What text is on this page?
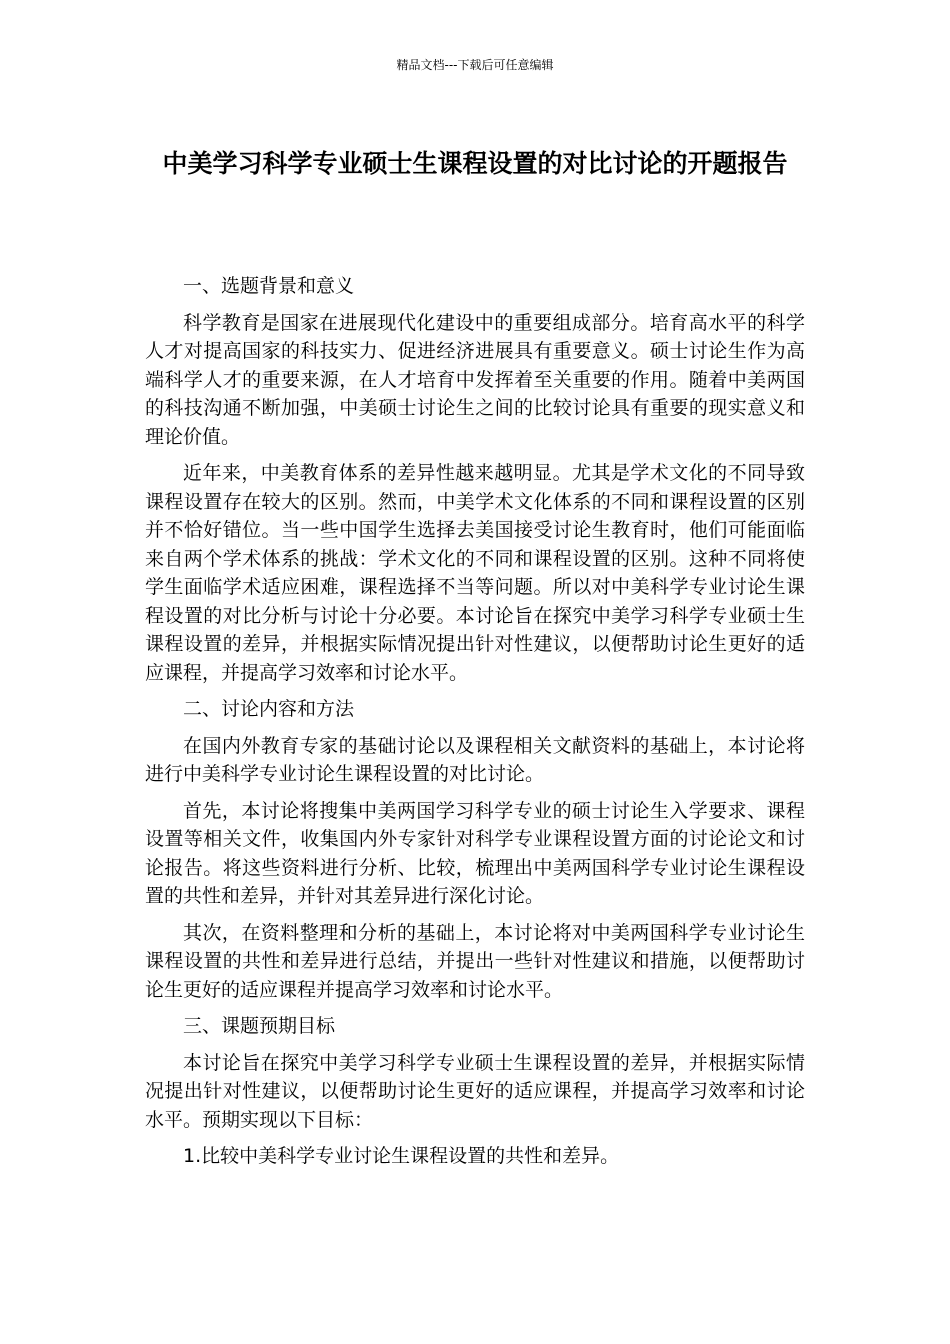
精品文档---下载后可任意编辑
中美学习科学专业硕士生课程设置的对比讨论的开题报告

一、选题背景和意义

科学教育是国家在进展现代化建设中的重要组成部分。培育高水平的科学人才对提高国家的科技实力、促进经济进展具有重要意义。硕士讨论生作为高端科学人才的重要来源，在人才培育中发挥着至关重要的作用。随着中美两国的科技沟通不断加强，中美硕士讨论生之间的比较讨论具有重要的现实意义和理论价值。

近年来，中美教育体系的差异性越来越明显。尤其是学术文化的不同导致课程设置存在较大的区别。然而，中美学术文化体系的不同和课程设置的区别并不恰好错位。当一些中国学生选择去美国接受讨论生教育时，他们可能面临来自两个学术体系的挑战：学术文化的不同和课程设置的区别。这种不同将使学生面临学术适应困难，课程选择不当等问题。所以对中美科学专业讨论生课程设置的对比分析与讨论十分必要。本讨论旨在探究中美学习科学专业硕士生课程设置的差异，并根据实际情况提出针对性建议，以便帮助讨论生更好的适应课程，并提高学习效率和讨论水平。

二、讨论内容和方法

在国内外教育专家的基础讨论以及课程相关文献资料的基础上，本讨论将进行中美科学专业讨论生课程设置的对比讨论。

首先，本讨论将搜集中美两国学习科学专业的硕士讨论生入学要求、课程设置等相关文件，收集国内外专家针对科学专业课程设置方面的讨论论文和讨论报告。将这些资料进行分析、比较，梳理出中美两国科学专业讨论生课程设置的共性和差异，并针对其差异进行深化讨论。

其次，在资料整理和分析的基础上，本讨论将对中美两国科学专业讨论生课程设置的共性和差异进行总结，并提出一些针对性建议和措施，以便帮助讨论生更好的适应课程并提高学习效率和讨论水平。

三、课题预期目标

本讨论旨在探究中美学习科学专业硕士生课程设置的差异，并根据实际情况提出针对性建议，以便帮助讨论生更好的适应课程，并提高学习效率和讨论水平。预期实现以下目标：

1.比较中美科学专业讨论生课程设置的共性和差异。
